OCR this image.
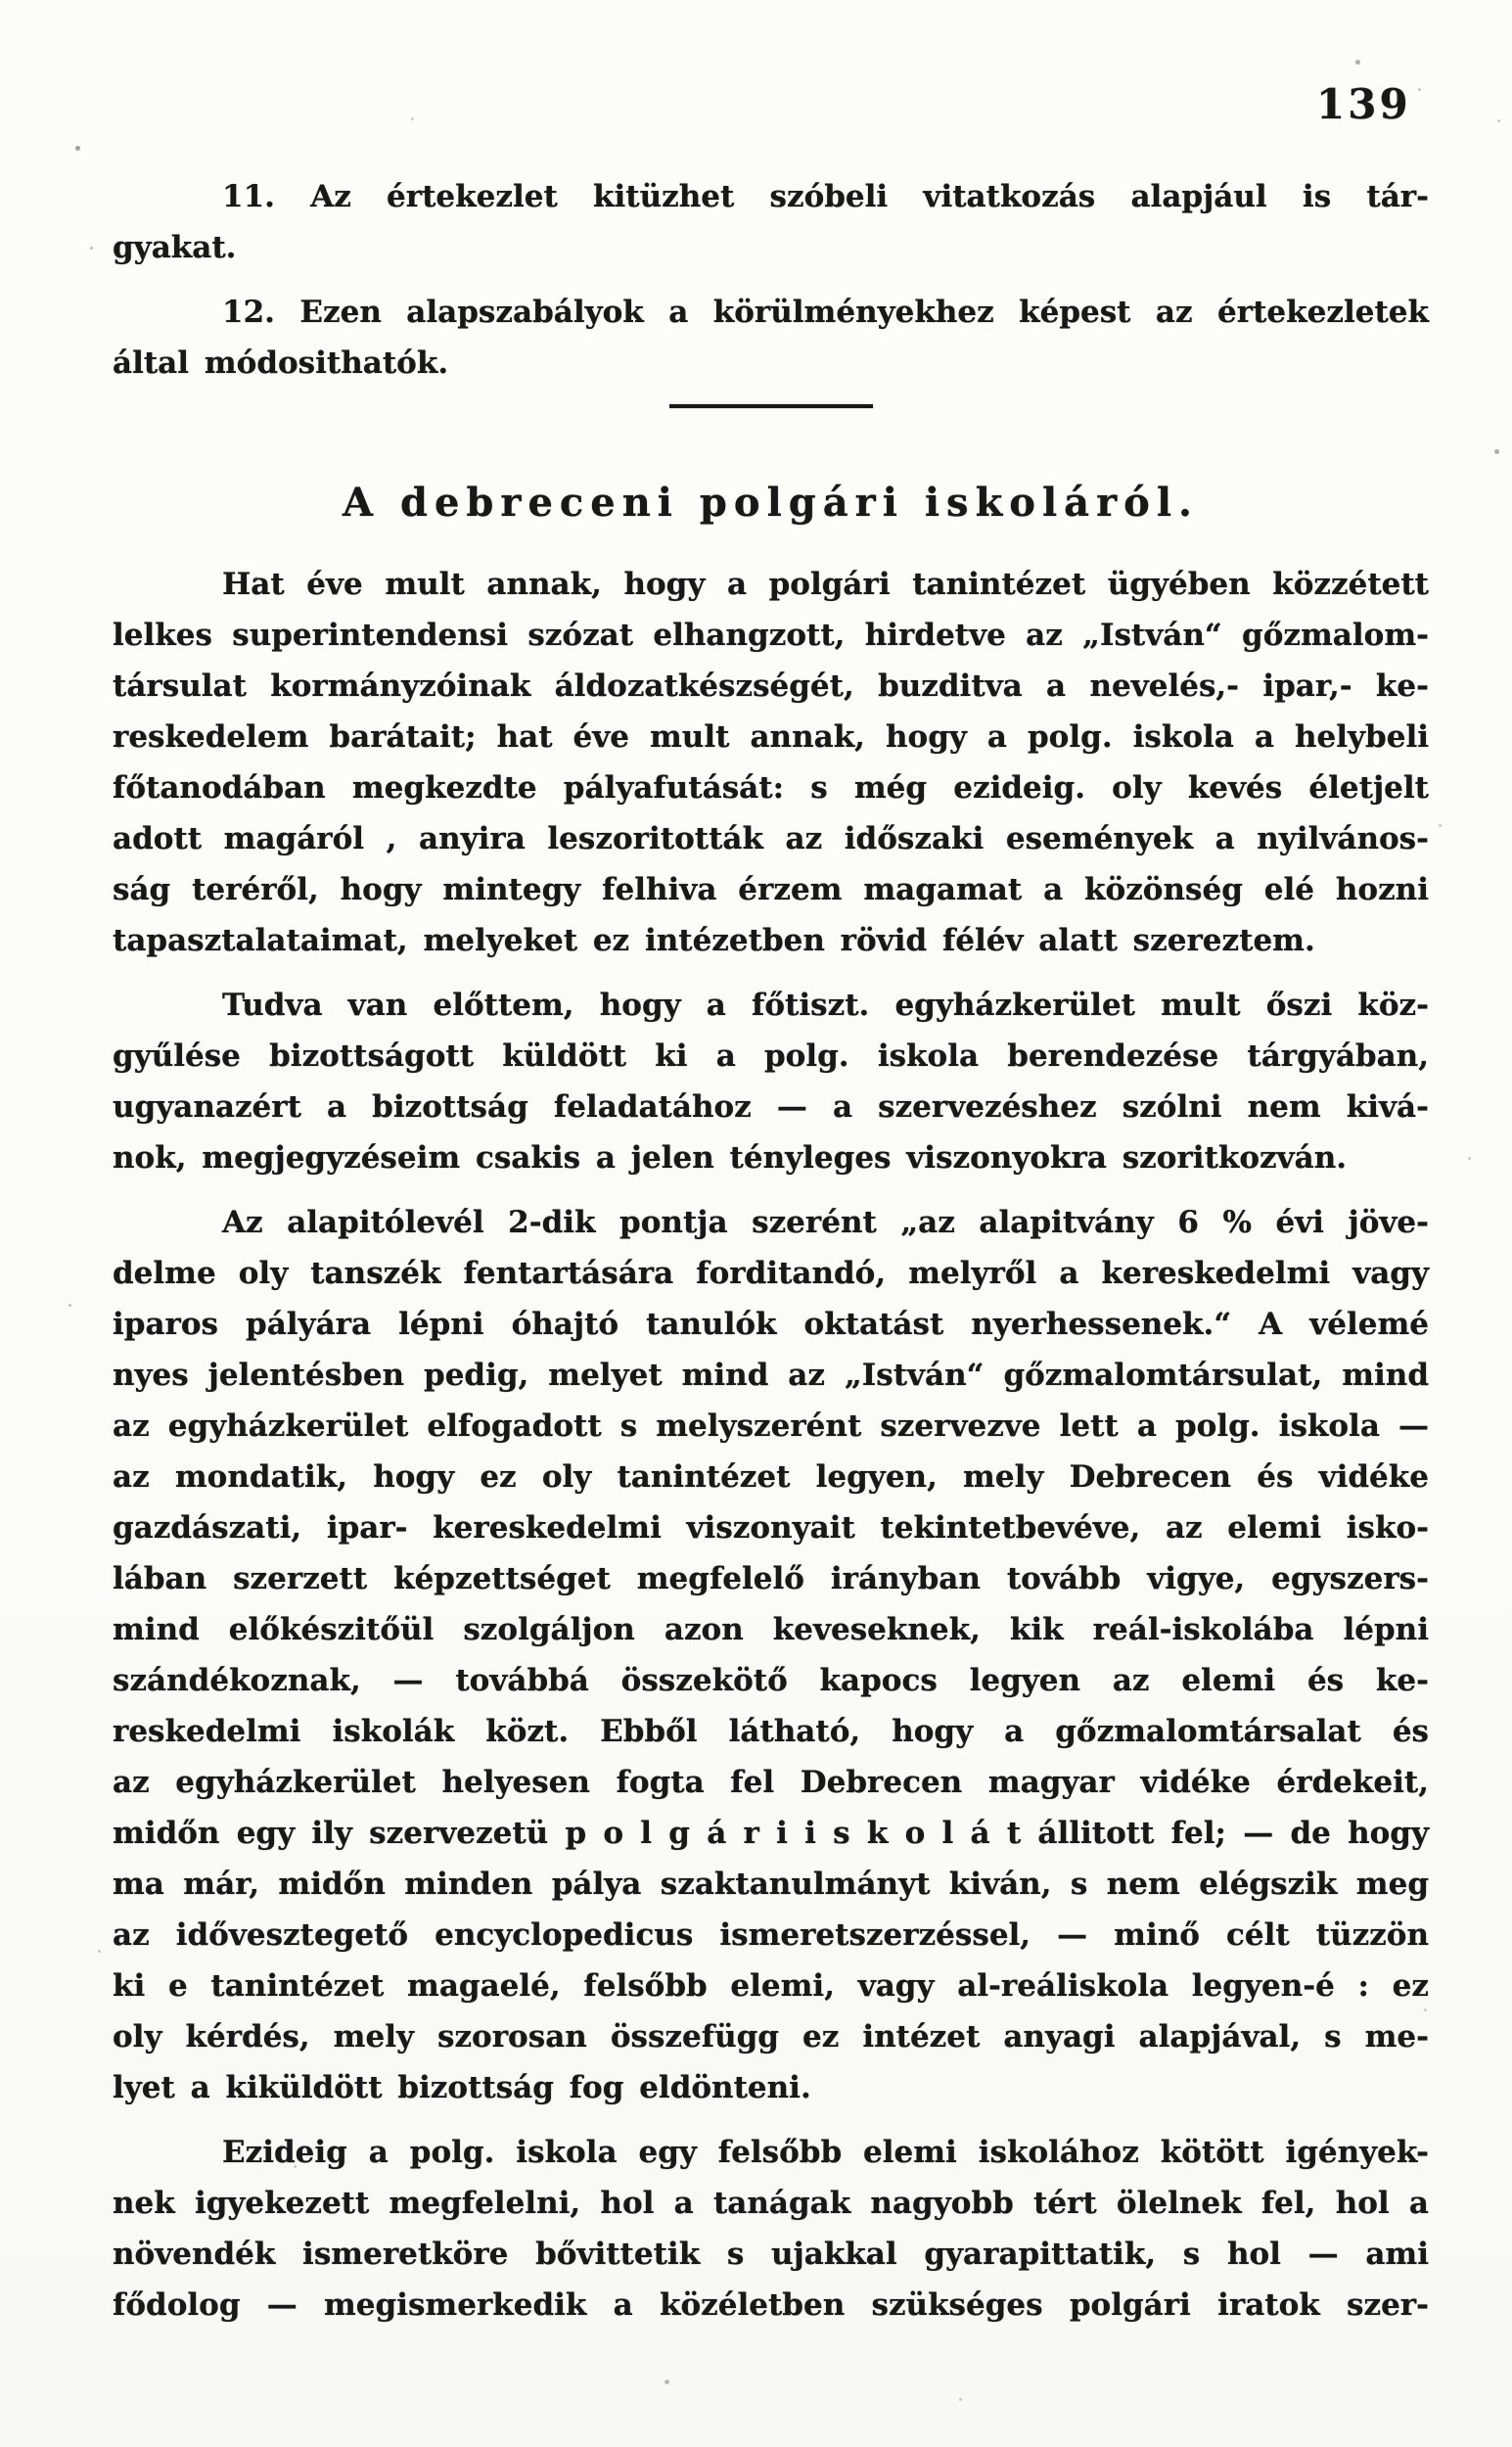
139
11. Az értekezlet kitüzhet szóbeli vitatkozás alapjául is tár-
gyakat.
12. Ezen alapszabályok a körülményekhez képest az értekezletek
által módosithatók.
A debreceni polgári iskoláról.
Hat éve mult annak, hogy a polgári tanintézet ügyében közzétett
lelkes superintendensi szózat elhangzott, hirdetve az „István“ gőzmalom-
társulat kormányzóinak áldozatkészségét, buzditva a nevelés,- ipar,- ke-
reskedelem barátait; hat éve mult annak, hogy a polg. iskola a helybeli
főtanodában megkezdte pályafutását: s még ezideig. oly kevés életjelt
adott magáról , anyira leszoritották az időszaki események a nyilvános-
ság teréről, hogy mintegy felhiva érzem magamat a közönség elé hozni
tapasztalataimat, melyeket ez intézetben rövid félév alatt szereztem.
Tudva van előttem, hogy a főtiszt. egyházkerület mult őszi köz-
gyűlése bizottságott küldött ki a polg. iskola berendezése tárgyában,
ugyanazért a bizottság feladatához — a szervezéshez szólni nem kivá-
nok, megjegyzéseim csakis a jelen tényleges viszonyokra szoritkozván.
Az alapitólevél 2-dik pontja szerént „az alapitvány 6 % évi jöve-
delme oly tanszék fentartására forditandó, melyről a kereskedelmi vagy
iparos pályára lépni óhajtó tanulók oktatást nyerhessenek.“ A vélemé
nyes jelentésben pedig, melyet mind az „István“ gőzmalomtársulat, mind
az egyházkerület elfogadott s melyszerént szervezve lett a polg. iskola —
az mondatik, hogy ez oly tanintézet legyen, mely Debrecen és vidéke
gazdászati, ipar- kereskedelmi viszonyait tekintetbevéve, az elemi isko-
lában szerzett képzettséget megfelelő irányban tovább vigye, egyszers-
mind előkészitőül szolgáljon azon keveseknek, kik reál-iskolába lépni
szándékoznak, — továbbá összekötő kapocs legyen az elemi és ke-
reskedelmi iskolák közt. Ebből látható, hogy a gőzmalomtársalat és
az egyházkerület helyesen fogta fel Debrecen magyar vidéke érdekeit,
midőn egy ily szervezetü p o l g á r i i s k o l á t állitott fel; — de hogy
ma már, midőn minden pálya szaktanulmányt kiván, s nem elégszik meg
az idővesztegető encyclopedicus ismeretszerzéssel, — minő célt tüzzön
ki e tanintézet magaelé, felsőbb elemi, vagy al-reáliskola legyen-é : ez
oly kérdés, mely szorosan összefügg ez intézet anyagi alapjával, s me-
lyet a kiküldött bizottság fog eldönteni.
Ezideig a polg. iskola egy felsőbb elemi iskolához kötött igények-
nek igyekezett megfelelni, hol a tanágak nagyobb tért ölelnek fel, hol a
növendék ismeretköre bővittetik s ujakkal gyarapittatik, s hol — ami
fődolog — megismerkedik a közéletben szükséges polgári iratok szer-
